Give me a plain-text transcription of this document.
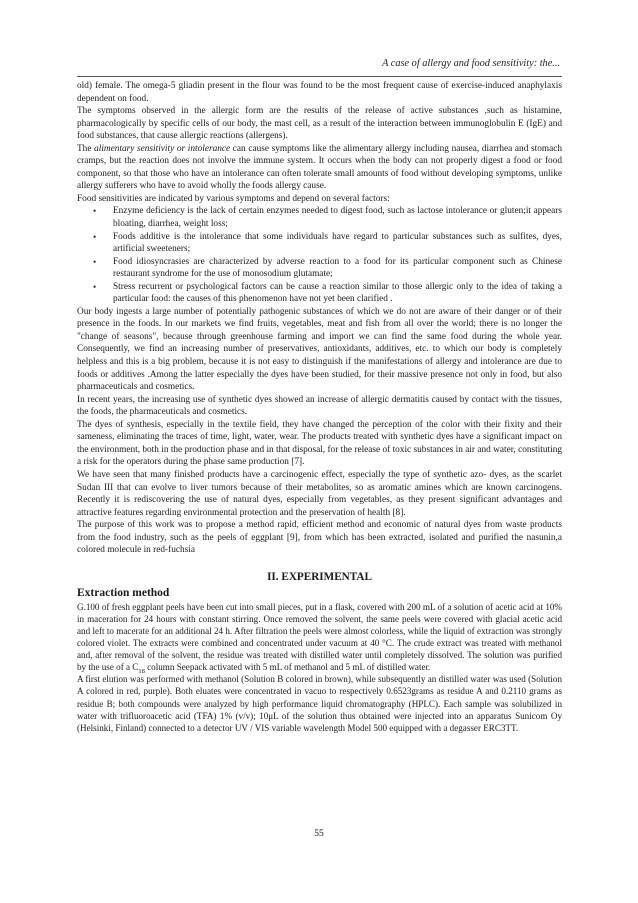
A case of allergy and food sensitivity: the...

old) female. The omega-5 gliadin present in the flour was found to be the most frequent cause of exercise-induced anaphylaxis dependent on food.

The symptoms observed in the allergic form are the results of the release of active substances ,such as histamine, pharmacologically by specific cells of our body, the mast cell, as a result of the interaction between immunoglobulin E (IgE) and food substances, that cause allergic reactions (allergens).

The alimentary sensitivity or intolerance can cause symptoms like the alimentary allergy including nausea, diarrhea and stomach cramps, but the reaction does not involve the immune system. It occurs when the body can not properly digest a food or food component, so that those who have an intolerance can often tolerate small amounts of food without developing symptoms, unlike allergy sufferers who have to avoid wholly the foods allergy cause.

Food sensitivities are indicated by various symptoms and depend on several factors:

• Enzyme deficiency is the lack of certain enzymes needed to digest food, such as lactose intolerance or gluten;it appears bloating, diarrhea, weight loss;
• Foods additive is the intolerance that some individuals have regard to particular substances such as sulfites, dyes, artificial sweeteners;
• Food idiosyncrasies are characterized by adverse reaction to a food for its particular component such as Chinese restaurant syndrome for the use of monosodium glutamate;
• Stress recurrent or psychological factors can be cause a reaction similar to those allergic only to the idea of taking a particular food: the causes of this phenomenon have not yet been clarified .

Our body ingests a large number of potentially pathogenic substances of which we do not are aware of their danger or of their presence in the foods. In our markets we find fruits, vegetables, meat and fish from all over the world; there is no longer the "change of seasons", because through greenhouse farming and import we can find the same food during the whole year. Consequently, we find an increasing number of preservatives, antioxidants, additives, etc. to which our body is completely helpless and this is a big problem, because it is not easy to distinguish if the manifestations of allergy and intolerance are due to foods or additives .Among the latter especially the dyes have been studied, for their massive presence not only in food, but also pharmaceuticals and cosmetics.

In recent years, the increasing use of synthetic dyes showed an increase of allergic dermatitis caused by contact with the tissues, the foods, the pharmaceuticals and cosmetics.

The dyes of synthesis, especially in the textile field, they have changed the perception of the color with their fixity and their sameness, eliminating the traces of time, light, water, wear. The products treated with synthetic dyes have a significant impact on the environment, both in the production phase and in that disposal, for the release of toxic substances in air and water, constituting a risk for the operators during the phase same production [7].

We have seen that many finished products have a carcinogenic effect, especially the type of synthetic azo- dyes, as the scarlet Sudan III that can evolve to liver tumors because of their metabolites, so as aromatic amines which are known carcinogens. Recently it is rediscovering the use of natural dyes, especially from vegetables, as they present significant advantages and attractive features regarding environmental protection and the preservation of health [8].

The purpose of this work was to propose a method rapid, efficient method and economic of natural dyes from waste products from the food industry, such as the peels of eggplant [9], from which has been extracted, isolated and purified the nasunin,a colored molecule in red-fuchsia

II. EXPERIMENTAL
Extraction method

G.100 of fresh eggplant peels have been cut into small pieces, put in a flask, covered with 200 mL of a solution of acetic acid at 10% in maceration for 24 hours with constant stirring. Once removed the solvent, the same peels were covered with glacial acetic acid and left to macerate for an additional 24 h. After filtration the peels were almost colorless, while the liquid of extraction was strongly colored violet. The extracts were combined and concentrated under vacuum at 40 °C. The crude extract was treated with methanol and, after removal of the solvent, the residue was treated with distilled water until completely dissolved. The solution was purified by the use of a $C_{18}$ column Seepack activated with 5 mL of methanol and 5 mL of distilled water.

A first elution was performed with methanol (Solution B colored in brown), while subsequently an distilled water was used (Solution A colored in red, purple). Both eluates were concentrated in vacuo to respectively 0.6523grams as residue A and 0.2110 grams as residue B; both compounds were analyzed by high performance liquid chromatography (HPLC). Each sample was solubilized in water with trifluoroacetic acid (TFA) 1% (v/v); 10μL of the solution thus obtained were injected into an apparatus Sunicom Oy (Helsinki, Finland) connected to a detector UV / VIS variable wavelength Model 500 equipped with a degasser ERC3TT.

55
